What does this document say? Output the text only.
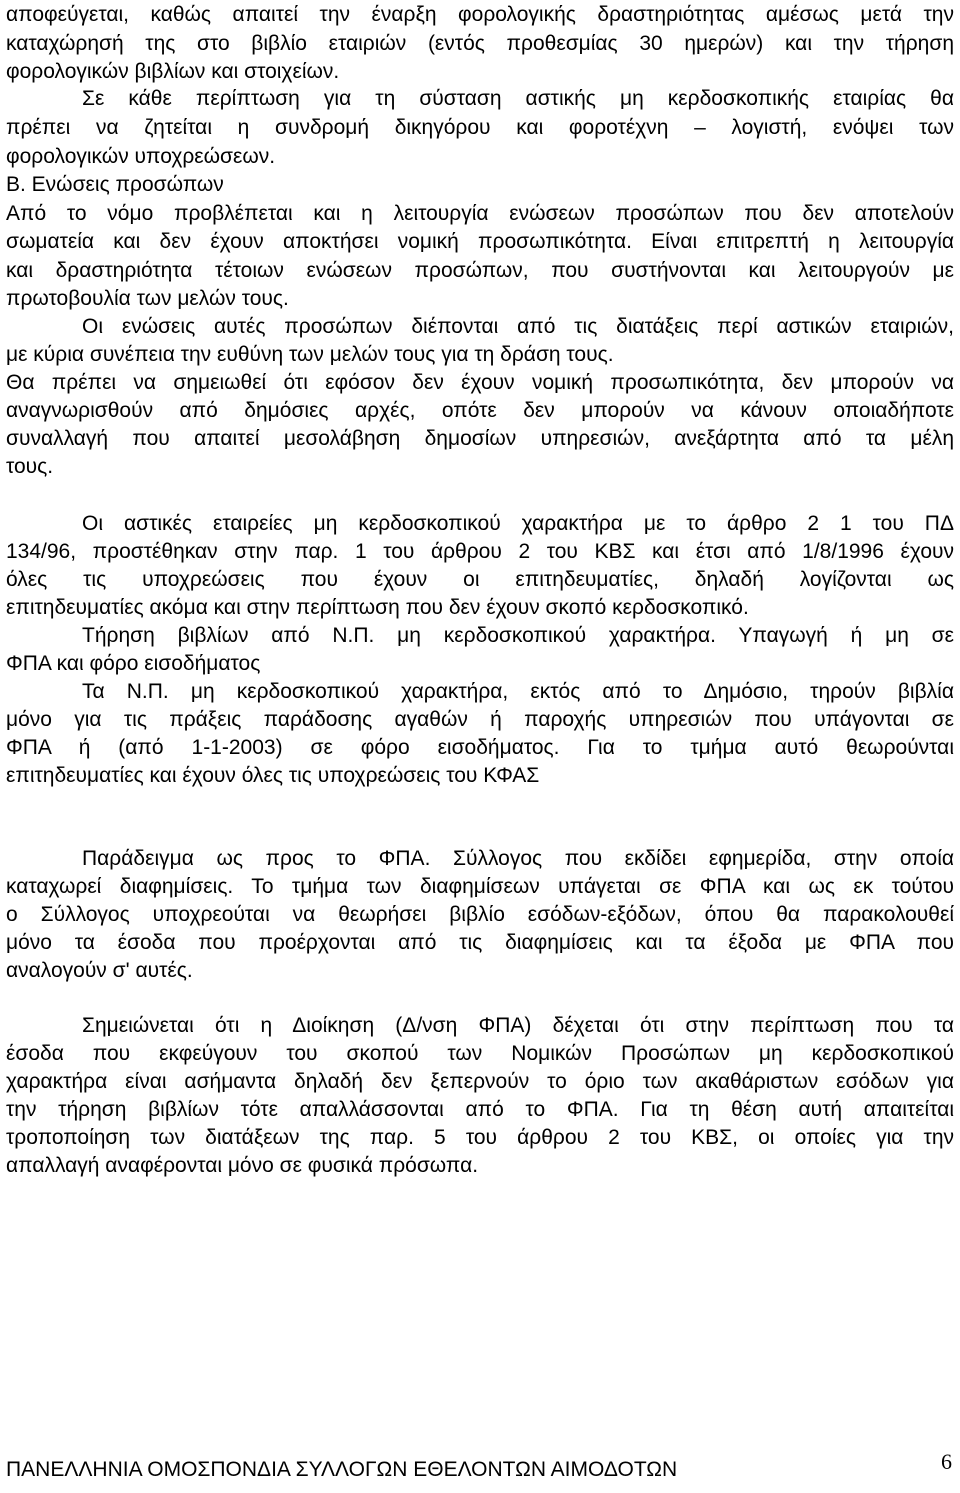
αποφεύγεται, καθώς απαιτεί την έναρξη φορολογικής δραστηριότητας αμέσως μετά την
καταχώρησή της στο βιβλίο εταιριών (εντός προθεσμίας 30 ημερών) και την τήρηση
φορολογικών βιβλίων και στοιχείων.
Σε κάθε περίπτωση για τη σύσταση αστικής μη κερδοσκοπικής εταιρίας θα
πρέπει να ζητείται η συνδρομή δικηγόρου και φοροτέχνη – λογιστή, ενόψει των
φορολογικών υποχρεώσεων.
Β. Ενώσεις προσώπων
Από το νόμο προβλέπεται και η λειτουργία ενώσεων προσώπων που δεν αποτελούν
σωματεία και δεν έχουν αποκτήσει νομική προσωπικότητα. Είναι επιτρεπτή η λειτουργία
και δραστηριότητα τέτοιων ενώσεων προσώπων, που συστήνονται και λειτουργούν με
πρωτοβουλία των μελών τους.
Οι ενώσεις αυτές προσώπων διέπονται από τις διατάξεις περί αστικών εταιριών,
με κύρια συνέπεια την ευθύνη των μελών τους για τη δράση τους.
Θα πρέπει να σημειωθεί ότι εφόσον δεν έχουν νομική προσωπικότητα, δεν μπορούν να
αναγνωρισθούν από δημόσιες αρχές, οπότε δεν μπορούν να κάνουν οποιαδήποτε
συναλλαγή που απαιτεί μεσολάβηση δημοσίων υπηρεσιών, ανεξάρτητα από τα μέλη
τους.
Οι αστικές εταιρείες μη κερδοσκοπικού χαρακτήρα με το άρθρο 2 1 του ΠΔ
134/96, προστέθηκαν στην παρ. 1 του άρθρου 2 του ΚΒΣ και έτσι από 1/8/1996 έχουν
όλες τις υποχρεώσεις που έχουν οι επιτηδευματίες, δηλαδή λογίζονται ως
επιτηδευματίες ακόμα και στην περίπτωση που δεν έχουν σκοπό κερδοσκοπικό.
Τήρηση βιβλίων από Ν.Π. μη κερδοσκοπικού χαρακτήρα. Υπαγωγή ή μη σε
ΦΠΑ και φόρο εισοδήματος
Τα Ν.Π. μη κερδοσκοπικού χαρακτήρα, εκτός από το Δημόσιο, τηρούν βιβλία
μόνο για τις πράξεις παράδοσης αγαθών ή παροχής υπηρεσιών που υπάγονται σε
ΦΠΑ ή (από 1-1-2003) σε φόρο εισοδήματος. Για το τμήμα αυτό θεωρούνται
επιτηδευματίες και έχουν όλες τις υποχρεώσεις του ΚΦΑΣ
Παράδειγμα ως προς το ΦΠΑ. Σύλλογος που εκδίδει εφημερίδα, στην οποία
καταχωρεί διαφημίσεις. Το τμήμα των διαφημίσεων υπάγεται σε ΦΠΑ και ως εκ τούτου
ο Σύλλογος υποχρεούται να θεωρήσει βιβλίο εσόδων-εξόδων, όπου θα παρακολουθεί
μόνο τα έσοδα που προέρχονται από τις διαφημίσεις και τα έξοδα με ΦΠΑ που
αναλογούν σ' αυτές.
Σημειώνεται ότι η Διοίκηση (Δ/νση ΦΠΑ) δέχεται ότι στην περίπτωση που τα
έσοδα που εκφεύγουν του σκοπού των Νομικών Προσώπων μη κερδοσκοπικού
χαρακτήρα είναι ασήμαντα δηλαδή δεν ξεπερνούν το όριο των ακαθάριστων εσόδων για
την τήρηση βιβλίων τότε απαλλάσσονται από το ΦΠΑ. Για τη θέση αυτή απαιτείται
τροποποίηση των διατάξεων της παρ. 5 του άρθρου 2 του ΚΒΣ, οι οποίες για την
απαλλαγή αναφέρονται μόνο σε φυσικά πρόσωπα.
ΠΑΝΕΛΛΗΝΙΑ ΟΜΟΣΠΟΝΔΙΑ ΣΥΛΛΟΓΩΝ ΕΘΕΛΟΝΤΩΝ ΑΙΜΟΔΟΤΩΝ	6
